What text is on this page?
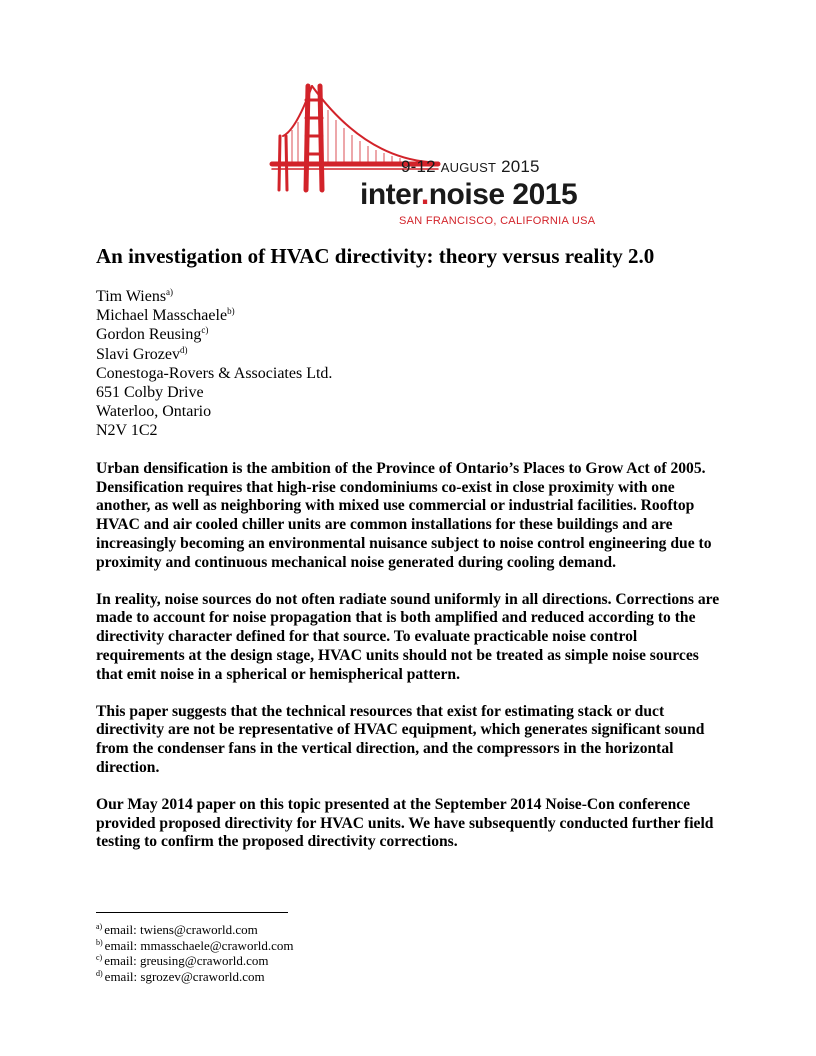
9-12 AUGUST 2015
inter.noise 2015
SAN FRANCISCO, CALIFORNIA USA
An investigation of HVAC directivity: theory versus reality 2.0
Tim Wiens$^{a)}$
Michael Masschaele$^{b)}$
Gordon Reusing$^{c)}$
Slavi Grozev$^{d)}$
Conestoga-Rovers & Associates Ltd.
651 Colby Drive
Waterloo, Ontario
N2V 1C2

Urban densification is the ambition of the Province of Ontario’s Places to Grow Act of 2005. Densification requires that high-rise condominiums co-exist in close proximity with one another, as well as neighboring with mixed use commercial or industrial facilities. Rooftop HVAC and air cooled chiller units are common installations for these buildings and are increasingly becoming an environmental nuisance subject to noise control engineering due to proximity and continuous mechanical noise generated during cooling demand.

In reality, noise sources do not often radiate sound uniformly in all directions. Corrections are made to account for noise propagation that is both amplified and reduced according to the directivity character defined for that source. To evaluate practicable noise control requirements at the design stage, HVAC units should not be treated as simple noise sources that emit noise in a spherical or hemispherical pattern.

This paper suggests that the technical resources that exist for estimating stack or duct directivity are not be representative of HVAC equipment, which generates significant sound from the condenser fans in the vertical direction, and the compressors in the horizontal direction.

Our May 2014 paper on this topic presented at the September 2014 Noise-Con conference provided proposed directivity for HVAC units. We have subsequently conducted further field testing to confirm the proposed directivity corrections.

$^{a)}$ email: twiens@craworld.com
$^{b)}$ email: mmasschaele@craworld.com
$^{c)}$ email: greusing@craworld.com
$^{d)}$ email: sgrozev@craworld.com
